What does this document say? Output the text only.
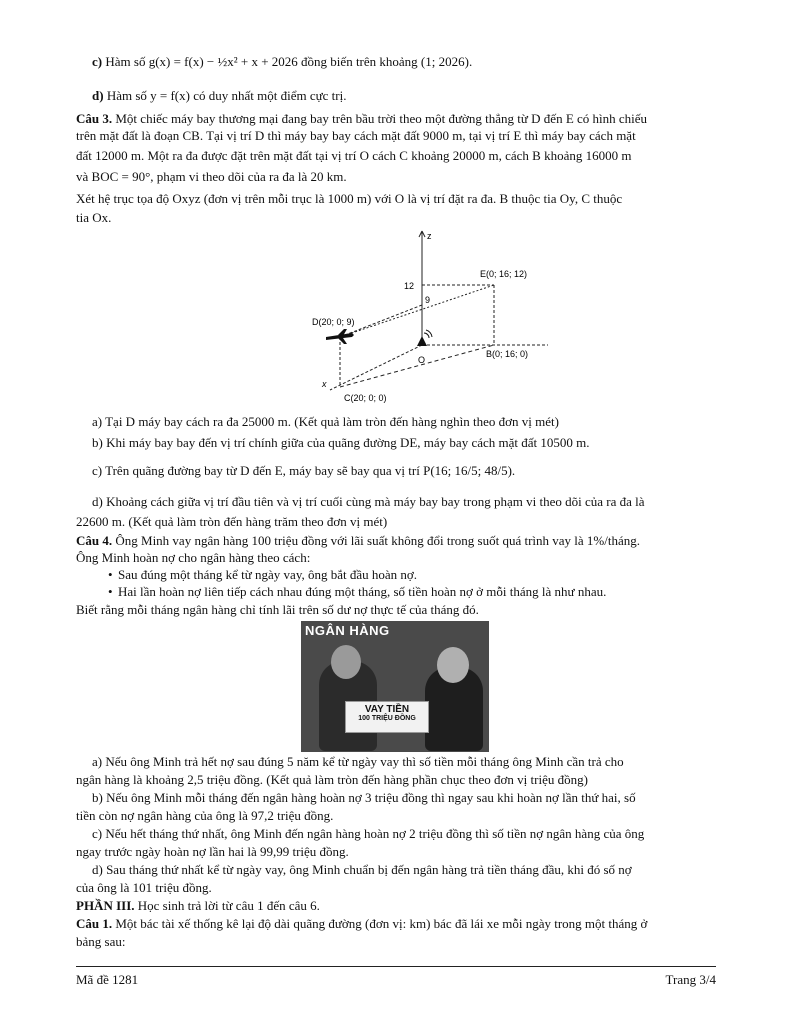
c) Hàm số g(x) = f(x) − ½x² + x + 2026 đồng biến trên khoảng (1; 2026).
d) Hàm số y = f(x) có duy nhất một điểm cực trị.
Câu 3. Một chiếc máy bay thương mại đang bay trên bầu trời theo một đường thẳng từ D đến E có hình chiếu
trên mặt đất là đoạn CB. Tại vị trí D thì máy bay bay cách mặt đất 9000 m, tại vị trí E thì máy bay cách mặt
đất 12000 m. Một ra đa được đặt trên mặt đất tại vị trí O cách C khoảng 20000 m, cách B khoảng 16000 m
và BOC = 90°, phạm vi theo dõi của ra đa là 20 km.
Xét hệ trục tọa độ Oxyz (đơn vị trên mỗi trục là 1000 m) với O là vị trí đặt ra đa. B thuộc tia Oy, C thuộc
tia Ox.
z
x
12
9
E(0; 16; 12)
D(20; 0; 9)
B(0; 16; 0)
C(20; 0; 0)
O
a) Tại D máy bay cách ra đa 25000 m. (Kết quả làm tròn đến hàng nghìn theo đơn vị mét)
b) Khi máy bay bay đến vị trí chính giữa của quãng đường DE, máy bay cách mặt đất 10500 m.
c) Trên quãng đường bay từ D đến E, máy bay sẽ bay qua vị trí P(16; 16/5; 48/5).
d) Khoảng cách giữa vị trí đầu tiên và vị trí cuối cùng mà máy bay bay trong phạm vi theo dõi của ra đa là
22600 m. (Kết quả làm tròn đến hàng trăm theo đơn vị mét)
Câu 4. Ông Minh vay ngân hàng 100 triệu đồng với lãi suất không đổi trong suốt quá trình vay là 1%/tháng.
Ông Minh hoàn nợ cho ngân hàng theo cách:
• Sau đúng một tháng kể từ ngày vay, ông bắt đầu hoàn nợ.
• Hai lần hoàn nợ liên tiếp cách nhau đúng một tháng, số tiền hoàn nợ ở mỗi tháng là như nhau.
Biết rằng mỗi tháng ngân hàng chỉ tính lãi trên số dư nợ thực tế của tháng đó.
NGÂN HÀNG
VAY TIỀN
100 TRIỆU ĐỒNG
a) Nếu ông Minh trả hết nợ sau đúng 5 năm kể từ ngày vay thì số tiền mỗi tháng ông Minh cần trả cho
ngân hàng là khoảng 2,5 triệu đồng. (Kết quả làm tròn đến hàng phần chục theo đơn vị triệu đồng)
b) Nếu ông Minh mỗi tháng đến ngân hàng hoàn nợ 3 triệu đồng thì ngay sau khi hoàn nợ lần thứ hai, số
tiền còn nợ ngân hàng của ông là 97,2 triệu đồng.
c) Nếu hết tháng thứ nhất, ông Minh đến ngân hàng hoàn nợ 2 triệu đồng thì số tiền nợ ngân hàng của ông
ngay trước ngày hoàn nợ lần hai là 99,99 triệu đồng.
d) Sau tháng thứ nhất kể từ ngày vay, ông Minh chuẩn bị đến ngân hàng trả tiền tháng đầu, khi đó số nợ
của ông là 101 triệu đồng.
PHẦN III. Học sinh trả lời từ câu 1 đến câu 6.
Câu 1. Một bác tài xế thống kê lại độ dài quãng đường (đơn vị: km) bác đã lái xe mỗi ngày trong một tháng ở
bảng sau:
Mã đề 1281	Trang 3/4
